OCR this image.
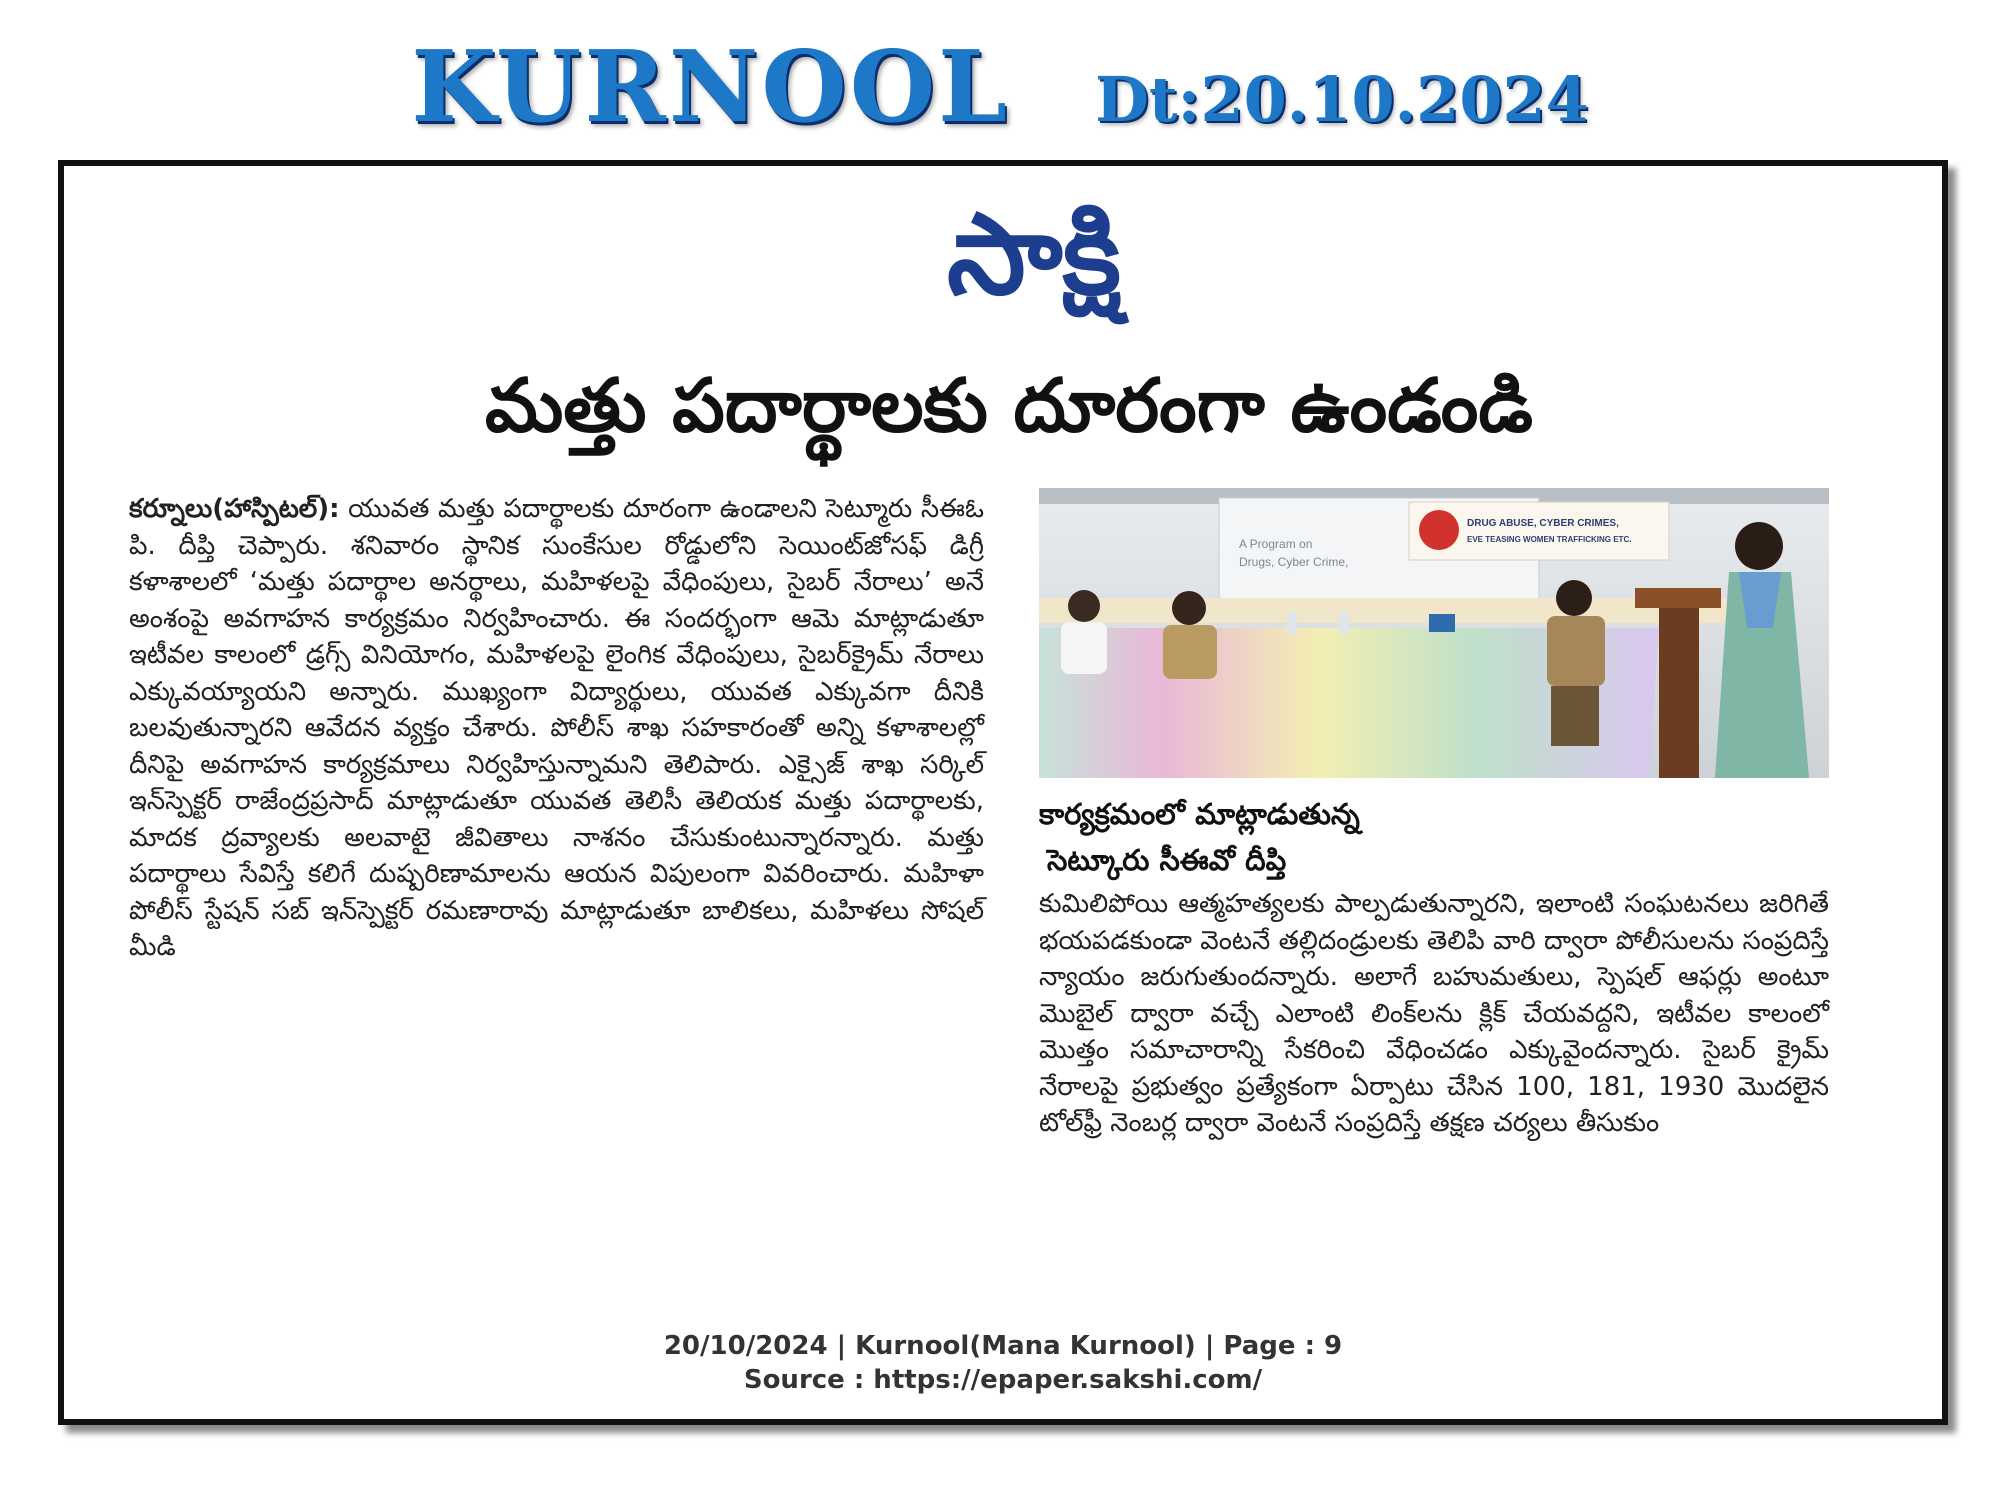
KURNOOL Dt:20.10.2024
సాక్షి
మత్తు పదార్థాలకు దూరంగా ఉండండి
కర్నూలు(హాస్పిటల్): యువత మత్తు పదార్థాలకు దూరంగా ఉండాలని సెట్మూరు సీఈఓ పి. దీప్తి చెప్పారు. శనివారం స్థానిక సుంకేసుల రోడ్డులోని సెయింట్‌జోసఫ్ డిగ్రీ కళాశాలలో ‘మత్తు పదార్థాల అనర్థాలు, మహిళలపై వేధింపులు, సైబర్ నేరాలు’ అనే అంశంపై అవగాహన కార్యక్రమం నిర్వహించారు. ఈ సందర్భంగా ఆమె మాట్లాడుతూ ఇటీవల కాలంలో డ్రగ్స్ వినియోగం, మహిళలపై లైంగిక వేధింపులు, సైబర్‌క్రైమ్ నేరాలు ఎక్కువయ్యాయని అన్నారు. ముఖ్యంగా విద్యార్థులు, యువత ఎక్కువగా దీనికి బలవుతున్నారని ఆవేదన వ్యక్తం చేశారు. పోలీస్ శాఖ సహకారంతో అన్ని కళాశాలల్లో దీనిపై అవగాహన కార్యక్రమాలు నిర్వహిస్తున్నామని తెలిపారు. ఎక్సైజ్ శాఖ సర్కిల్ ఇన్‌స్పెక్టర్ రాజేంద్రప్రసాద్ మాట్లాడుతూ యువత తెలిసీ తెలియక మత్తు పదార్థాలకు, మాదక ద్రవ్యాలకు అలవాటై జీవితాలు నాశనం చేసుకుంటున్నారన్నారు. మత్తు పదార్థాలు సేవిస్తే కలిగే దుష్పరిణామాలను ఆయన విపులంగా వివరించారు. మహిళా పోలీస్ స్టేషన్ సబ్ ఇన్‌స్పెక్టర్ రమణారావు మాట్లాడుతూ బాలికలు, మహిళలు సోషల్ మీడి
A Program on
Drugs, Cyber Crime,
DRUG ABUSE, CYBER CRIMES,
EVE TEASING WOMEN TRAFFICKING ETC.
కార్యక్రమంలో మాట్లాడుతున్న
సెట్కూరు సీఈవో దీప్తి
కుమిలిపోయి ఆత్మహత్యలకు పాల్పడుతున్నారని, ఇలాంటి సంఘటనలు జరిగితే భయపడకుండా వెంటనే తల్లిదండ్రులకు తెలిపి వారి ద్వారా పోలీసులను సంప్రదిస్తే న్యాయం జరుగుతుందన్నారు. అలాగే బహుమతులు, స్పెషల్ ఆఫర్లు అంటూ మొబైల్ ద్వారా వచ్చే ఎలాంటి లింక్‌లను క్లిక్ చేయవద్దని, ఇటీవల కాలంలో మొత్తం సమాచారాన్ని సేకరించి వేధించడం ఎక్కువైందన్నారు. సైబర్ క్రైమ్ నేరాలపై ప్రభుత్వం ప్రత్యేకంగా ఏర్పాటు చేసిన 100, 181, 1930 మొదలైన టోల్‌ఫ్రీ నెంబర్ల ద్వారా వెంటనే సంప్రదిస్తే తక్షణ చర్యలు తీసుకుం
20/10/2024 | Kurnool(Mana Kurnool) | Page : 9
Source : https://epaper.sakshi.com/
